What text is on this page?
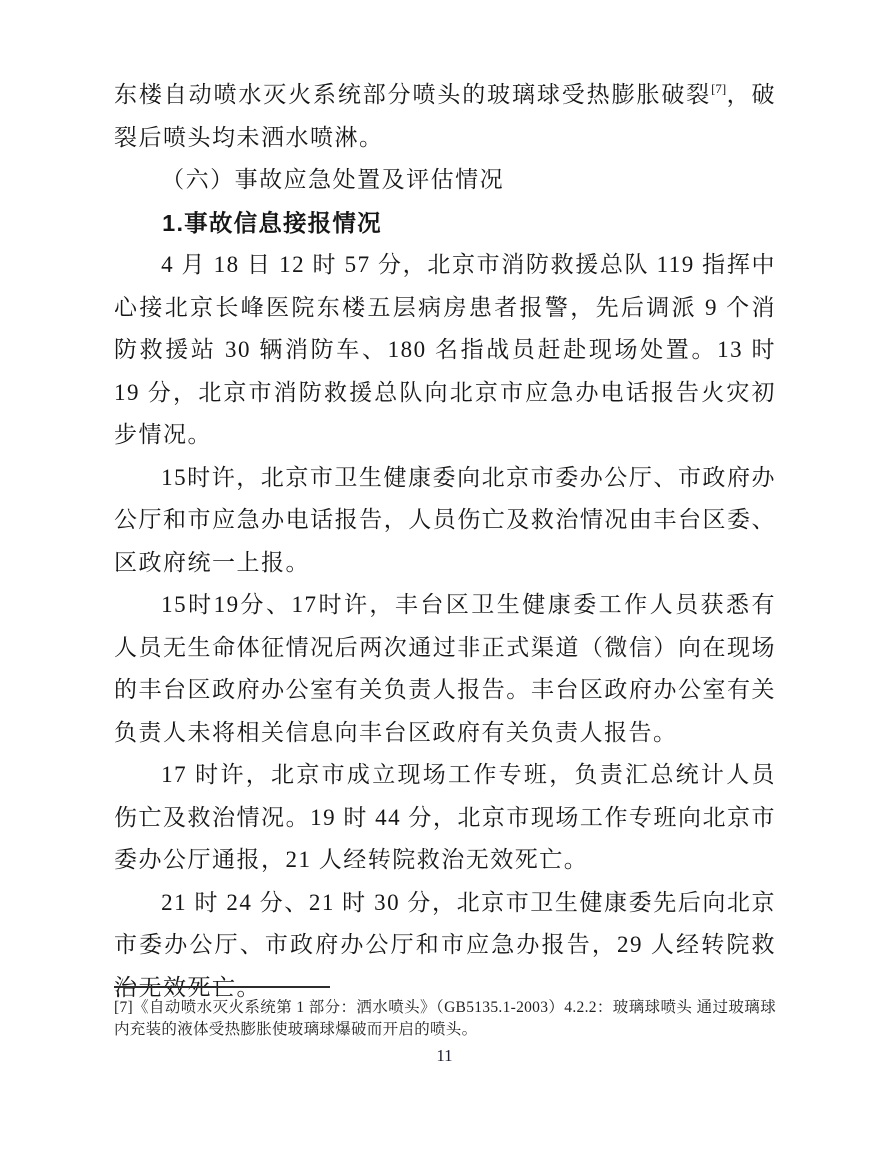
东楼自动喷水灭火系统部分喷头的玻璃球受热膨胀破裂[7]，破裂后喷头均未洒水喷淋。

（六）事故应急处置及评估情况

1.事故信息接报情况

4 月 18 日 12 时 57 分，北京市消防救援总队 119 指挥中心接北京长峰医院东楼五层病房患者报警，先后调派 9 个消防救援站 30 辆消防车、180 名指战员赶赴现场处置。13 时 19 分，北京市消防救援总队向北京市应急办电话报告火灾初步情况。

15时许，北京市卫生健康委向北京市委办公厅、市政府办公厅和市应急办电话报告，人员伤亡及救治情况由丰台区委、区政府统一上报。

15时19分、17时许，丰台区卫生健康委工作人员获悉有人员无生命体征情况后两次通过非正式渠道（微信）向在现场的丰台区政府办公室有关负责人报告。丰台区政府办公室有关负责人未将相关信息向丰台区政府有关负责人报告。

17 时许，北京市成立现场工作专班，负责汇总统计人员伤亡及救治情况。19 时 44 分，北京市现场工作专班向北京市委办公厅通报，21 人经转院救治无效死亡。

21 时 24 分、21 时 30 分，北京市卫生健康委先后向北京市委办公厅、市政府办公厅和市应急办报告，29 人经转院救治无效死亡。

[7]《自动喷水灭火系统第 1 部分：洒水喷头》（GB5135.1-2003）4.2.2：玻璃球喷头 通过玻璃球内充装的液体受热膨胀使玻璃球爆破而开启的喷头。

11
